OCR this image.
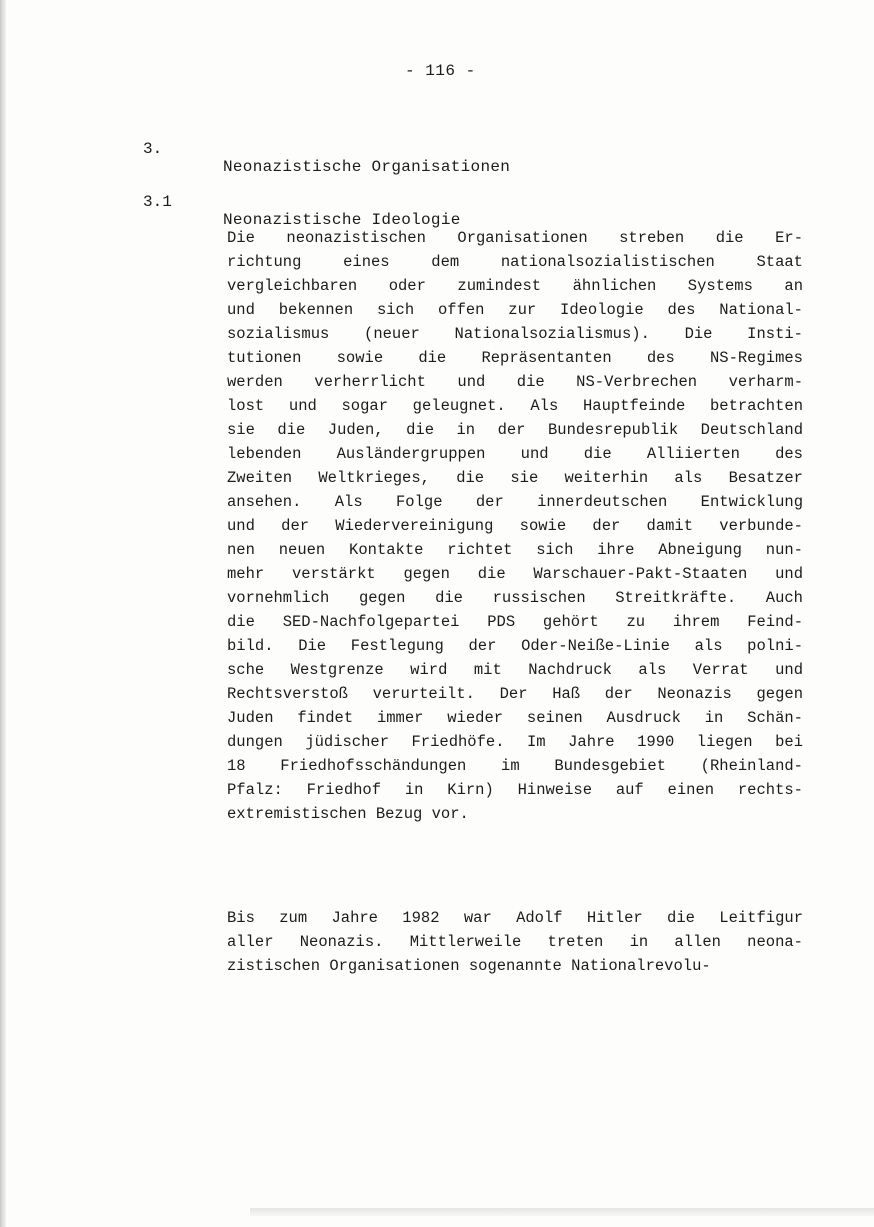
- 116 -

3.

Neonazistische Organisationen

3.1

Neonazistische Ideologie

Die neonazistischen Organisationen streben die Er-
richtung eines dem nationalsozialistischen Staat
vergleichbaren oder zumindest ähnlichen Systems an
und bekennen sich offen zur Ideologie des National-
sozialismus (neuer Nationalsozialismus). Die Insti-
tutionen sowie die Repräsentanten des NS-Regimes
werden verherrlicht und die NS-Verbrechen verharm-
lost und sogar geleugnet. Als Hauptfeinde betrachten
sie die Juden, die in der Bundesrepublik Deutschland
lebenden Ausländergruppen und die Alliierten des
Zweiten Weltkrieges, die sie weiterhin als Besatzer
ansehen. Als Folge der innerdeutschen Entwicklung
und der Wiedervereinigung sowie der damit verbunde-
nen neuen Kontakte richtet sich ihre Abneigung nun-
mehr verstärkt gegen die Warschauer-Pakt-Staaten und
vornehmlich gegen die russischen Streitkräfte. Auch
die SED-Nachfolgepartei PDS gehört zu ihrem Feind-
bild. Die Festlegung der Oder-Neiße-Linie als polni-
sche Westgrenze wird mit Nachdruck als Verrat und
Rechtsverstoß verurteilt. Der Haß der Neonazis gegen
Juden findet immer wieder seinen Ausdruck in Schän-
dungen jüdischer Friedhöfe. Im Jahre 1990 liegen bei
18 Friedhofsschändungen im Bundesgebiet (Rheinland-
Pfalz: Friedhof in Kirn) Hinweise auf einen rechts-
extremistischen Bezug vor.
Bis zum Jahre 1982 war Adolf Hitler die Leitfigur
aller Neonazis. Mittlerweile treten in allen neona-
zistischen Organisationen sogenannte Nationalrevolu-
